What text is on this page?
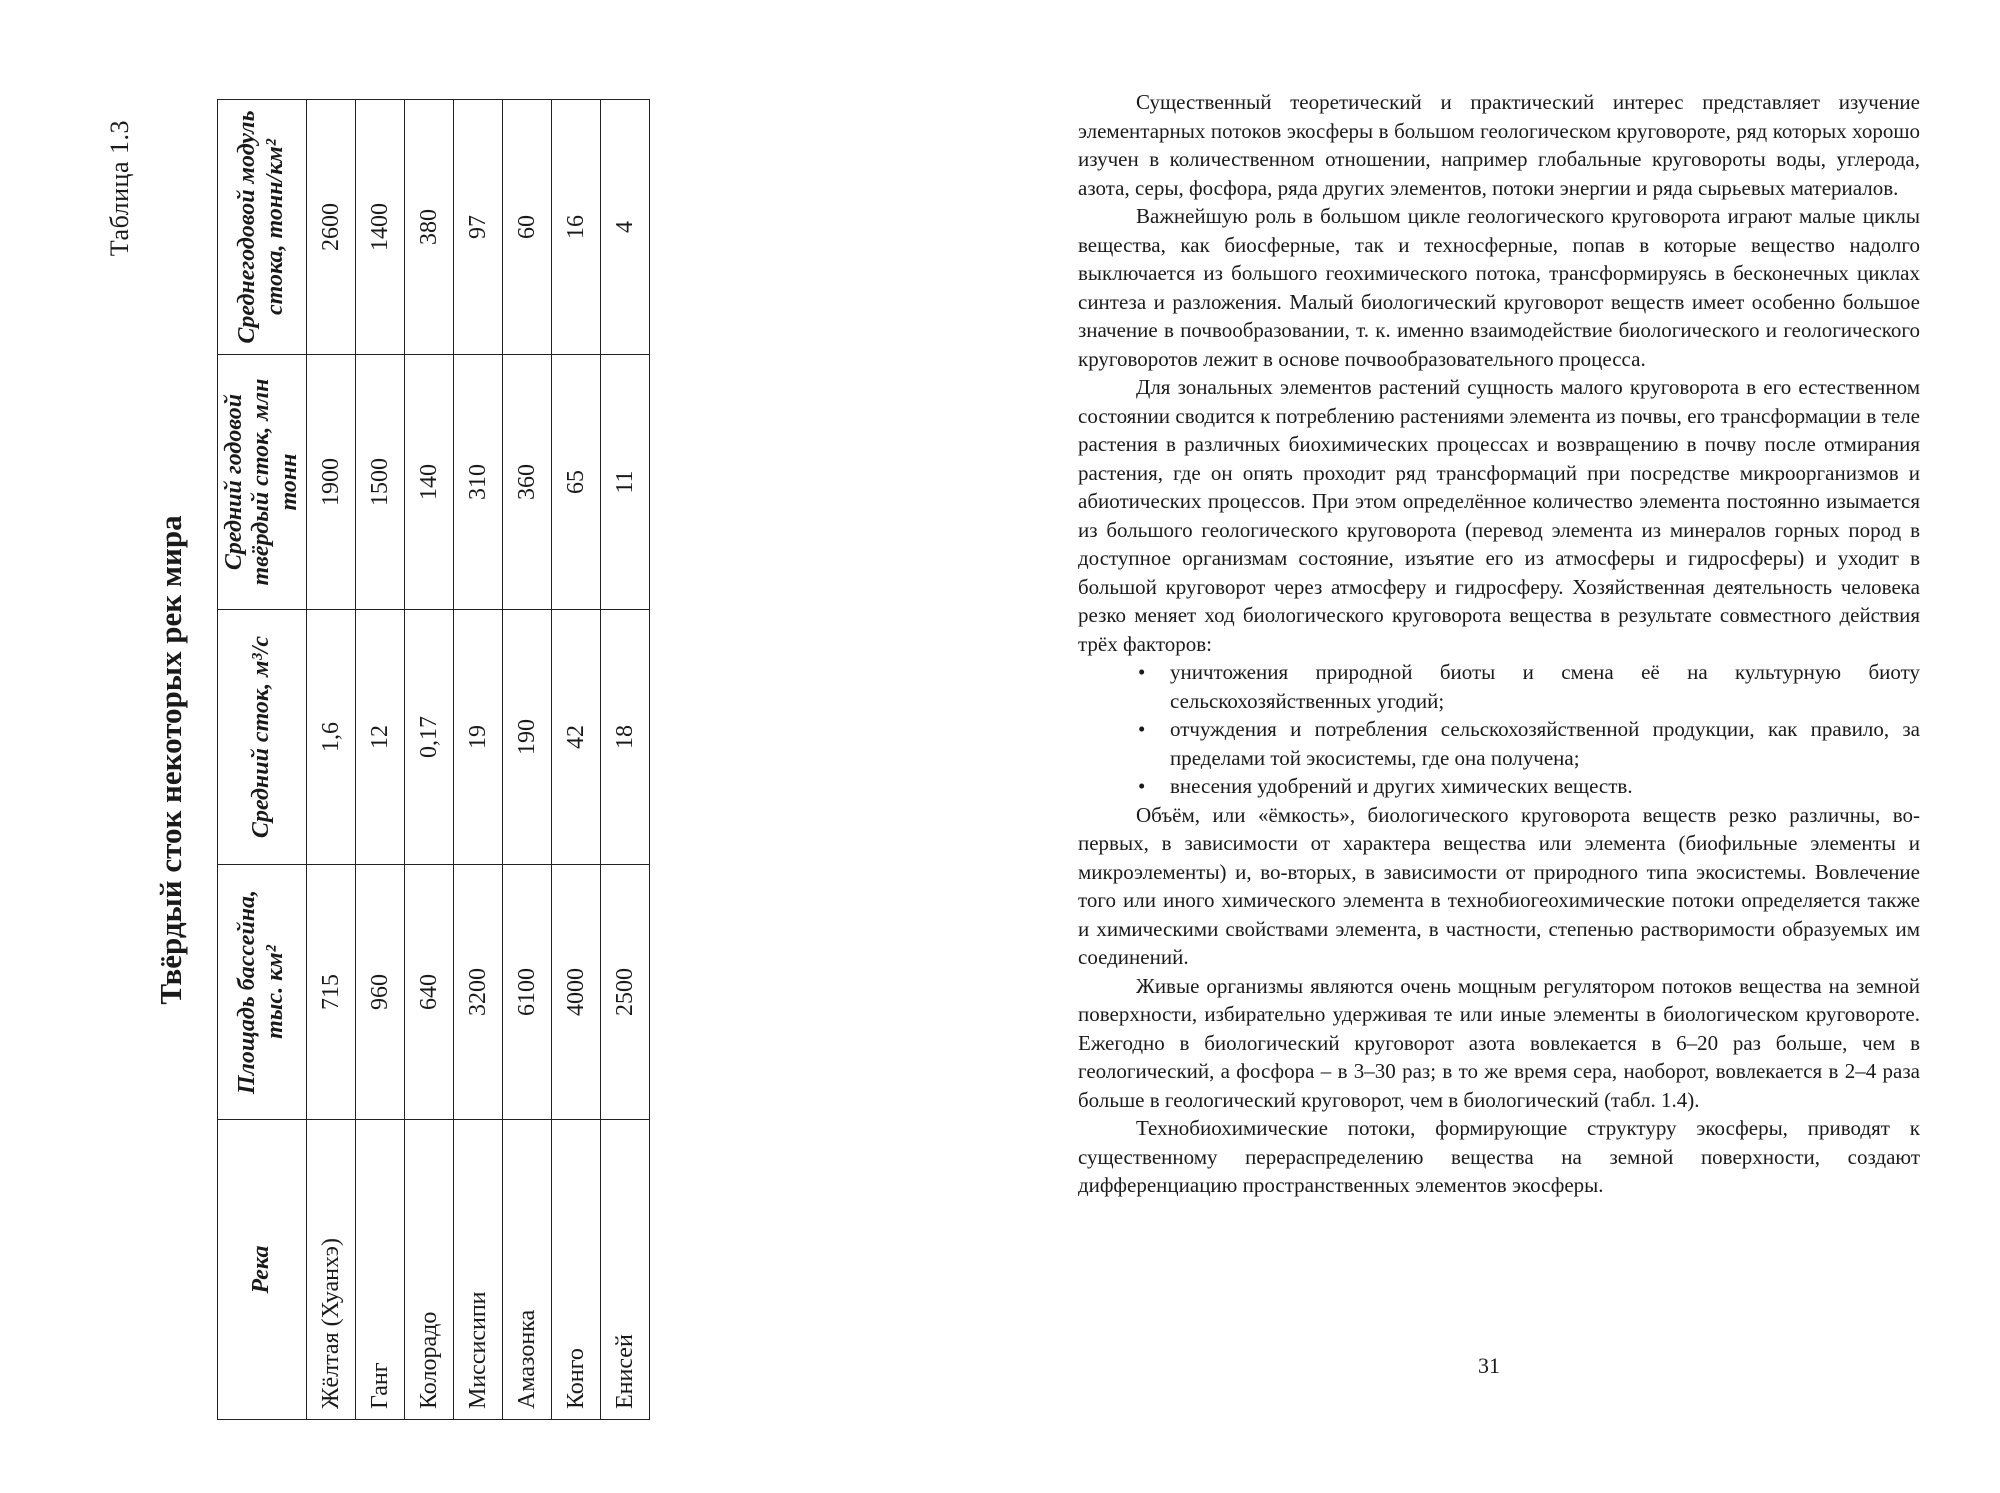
Таблица 1.3
Твёрдый сток некоторых рек мира
Река	Площадь бассейна, тыс. км²	Средний сток, м³/с	Средний годовой твёрдый сток, млн тонн	Среднегодовой модуль стока, тонн/км²
Жёлтая (Хуанхэ)	715	1,6	1900	2600
Ганг	960	12	1500	1400
Колорадо	640	0,17	140	380
Миссисипи	3200	19	310	97
Амазонка	6100	190	360	60
Конго	4000	42	65	16
Енисей	2500	18	11	4

Существенный теоретический и практический интерес представляет изучение элементарных потоков экосферы в большом геологическом круговороте, ряд которых хорошо изучен в количественном отношении, например глобальные круговороты воды, углерода, азота, серы, фосфора, ряда других элементов, потоки энергии и ряда сырьевых материалов.

Важнейшую роль в большом цикле геологического круговорота играют малые циклы вещества, как биосферные, так и техносферные, попав в которые вещество надолго выключается из большого геохимического потока, трансформируясь в бесконечных циклах синтеза и разложения. Малый биологический круговорот веществ имеет особенно большое значение в почвообразовании, т. к. именно взаимодействие биологического и геологического круговоротов лежит в основе почвообразовательного процесса.

Для зональных элементов растений сущность малого круговорота в его естественном состоянии сводится к потреблению растениями элемента из почвы, его трансформации в теле растения в различных биохимических процессах и возвращению в почву после отмирания растения, где он опять проходит ряд трансформаций при посредстве микроорганизмов и абиотических процессов. При этом определённое количество элемента постоянно изымается из большого геологического круговорота (перевод элемента из минералов горных пород в доступное организмам состояние, изъятие его из атмосферы и гидросферы) и уходит в большой круговорот через атмосферу и гидросферу. Хозяйственная деятельность человека резко меняет ход биологического круговорота вещества в результате совместного действия трёх факторов:

• уничтожения природной биоты и смена её на культурную биоту сельскохозяйственных угодий;
• отчуждения и потребления сельскохозяйственной продукции, как правило, за пределами той экосистемы, где она получена;
• внесения удобрений и других химических веществ.

Объём, или «ёмкость», биологического круговорота веществ резко различны, во-первых, в зависимости от характера вещества или элемента (биофильные элементы и микроэлементы) и, во-вторых, в зависимости от природного типа экосистемы. Вовлечение того или иного химического элемента в технобиогеохимические потоки определяется также и химическими свойствами элемента, в частности, степенью растворимости образуемых им соединений.

Живые организмы являются очень мощным регулятором потоков вещества на земной поверхности, избирательно удерживая те или иные элементы в биологическом круговороте. Ежегодно в биологический круговорот азота вовлекается в 6–20 раз больше, чем в геологический, а фосфора – в 3–30 раз; в то же время сера, наоборот, вовлекается в 2–4 раза больше в геологический круговорот, чем в биологический (табл. 1.4).

Технобиохимические потоки, формирующие структуру экосферы, приводят к существенному перераспределению вещества на земной поверхности, создают дифференциацию пространственных элементов экосферы.

31
